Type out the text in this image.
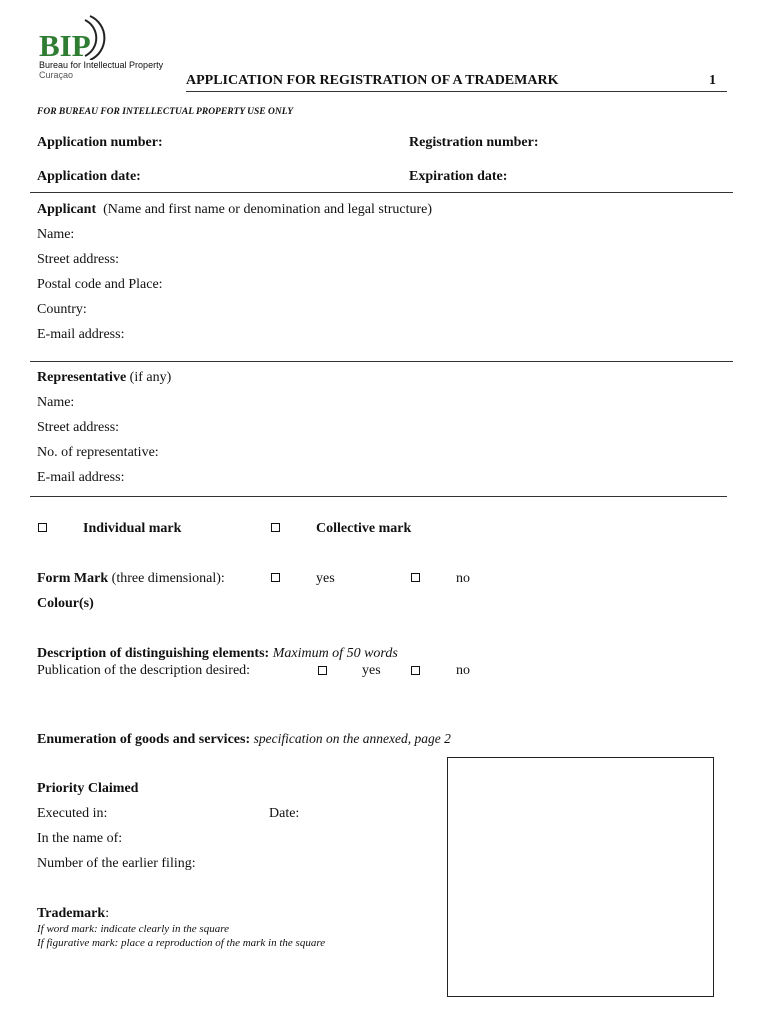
BIP
Bureau for Intellectual Property
Curaçao	APPLICATION FOR REGISTRATION OF A TRADEMARK	1
FOR BUREAU FOR INTELLECTUAL PROPERTY USE ONLY
Application number:	Registration number:
Application date:	Expiration date:
Applicant (Name and first name or denomination and legal structure)
Name:
Street address:
Postal code and Place:
Country:
E-mail address:
Representative (if any)
Name:
Street address:
No. of representative:
E-mail address:
Individual mark	Collective mark
Form Mark (three dimensional):	yes	no
Colour(s)
Description of distinguishing elements: Maximum of 50 words
Publication of the description desired:	yes	no
Enumeration of goods and services: specification on the annexed, page 2
Priority Claimed
Executed in:	Date:
In the name of:
Number of the earlier filing:
Trademark:
If word mark: indicate clearly in the square
If figurative mark: place a reproduction of the mark in the square
